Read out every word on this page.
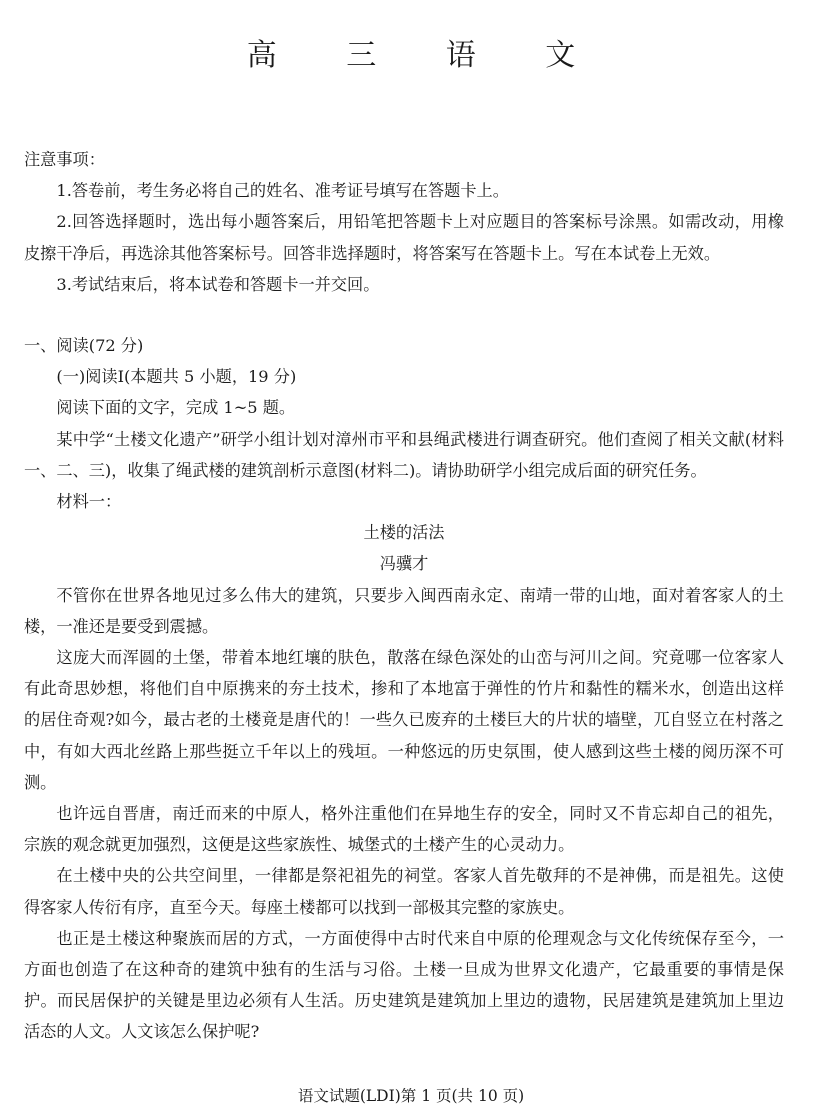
高 三 语 文

注意事项：

1.答卷前，考生务必将自己的姓名、准考证号填写在答题卡上。

2.回答选择题时，选出每小题答案后，用铅笔把答题卡上对应题目的答案标号涂黑。如需改动，用橡皮擦干净后，再选涂其他答案标号。回答非选择题时，将答案写在答题卡上。写在本试卷上无效。

3.考试结束后，将本试卷和答题卡一并交回。

一、阅读(72 分)

(一)阅读Ⅰ(本题共 5 小题，19 分)

阅读下面的文字，完成 1~5 题。

某中学“土楼文化遗产”研学小组计划对漳州市平和县绳武楼进行调查研究。他们查阅了相关文献(材料一、二、三)，收集了绳武楼的建筑剖析示意图(材料二)。请协助研学小组完成后面的研究任务。

材料一：

土楼的活法

冯骥才

不管你在世界各地见过多么伟大的建筑，只要步入闽西南永定、南靖一带的山地，面对着客家人的土楼，一准还是要受到震撼。

这庞大而浑圆的土堡，带着本地红壤的肤色，散落在绿色深处的山峦与河川之间。究竟哪一位客家人有此奇思妙想，将他们自中原携来的夯土技术，掺和了本地富于弹性的竹片和黏性的糯米水，创造出这样的居住奇观?如今，最古老的土楼竟是唐代的！一些久已废弃的土楼巨大的片状的墙壁，兀自竖立在村落之中，有如大西北丝路上那些挺立千年以上的残垣。一种悠远的历史氛围，使人感到这些土楼的阅历深不可测。

也许远自晋唐，南迁而来的中原人，格外注重他们在异地生存的安全，同时又不肯忘却自己的祖先，宗族的观念就更加强烈，这便是这些家族性、城堡式的土楼产生的心灵动力。

在土楼中央的公共空间里，一律都是祭祀祖先的祠堂。客家人首先敬拜的不是神佛，而是祖先。这使得客家人传衍有序，直至今天。每座土楼都可以找到一部极其完整的家族史。

也正是土楼这种聚族而居的方式，一方面使得中古时代来自中原的伦理观念与文化传统保存至今，一方面也创造了在这种奇的建筑中独有的生活与习俗。土楼一旦成为世界文化遗产，它最重要的事情是保护。而民居保护的关键是里边必须有人生活。历史建筑是建筑加上里边的遗物，民居建筑是建筑加上里边活态的人文。人文该怎么保护呢?

语文试题(LDI)第 1 页(共 10 页)
